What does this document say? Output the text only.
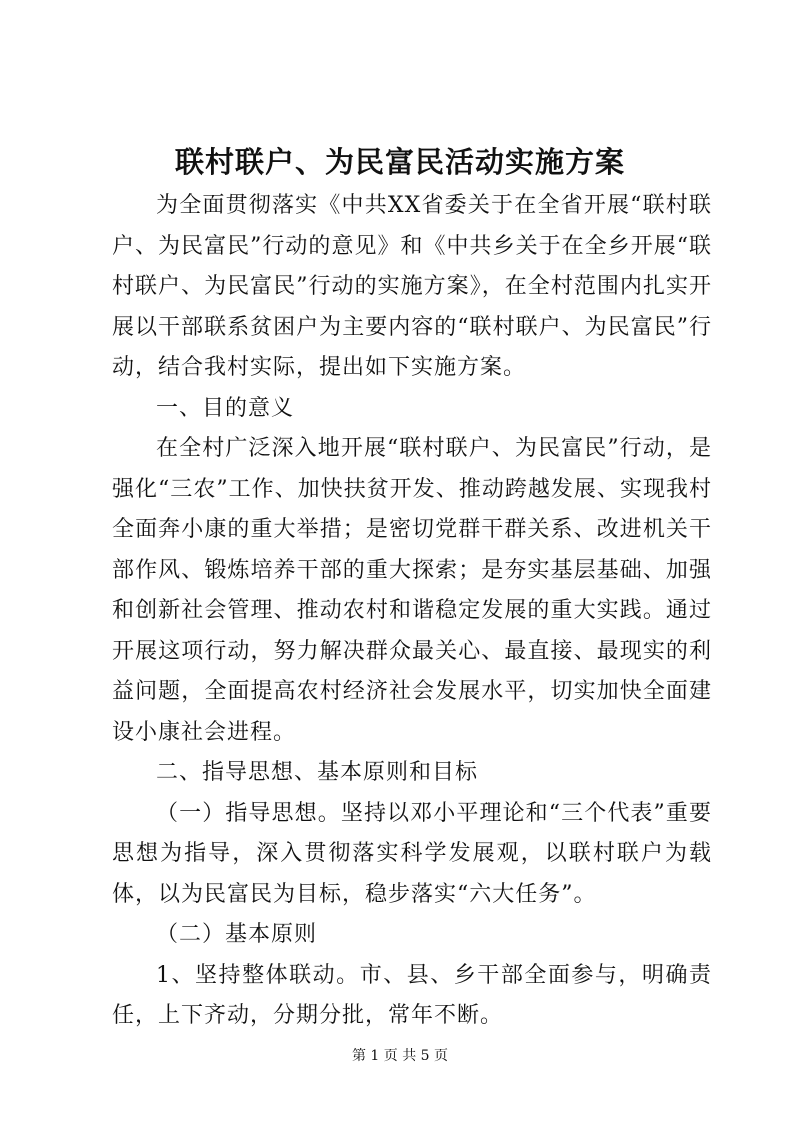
联村联户、为民富民活动实施方案

为全面贯彻落实《中共XX省委关于在全省开展“联村联户、为民富民”行动的意见》和《中共乡关于在全乡开展“联村联户、为民富民”行动的实施方案》，在全村范围内扎实开展以干部联系贫困户为主要内容的“联村联户、为民富民”行动，结合我村实际，提出如下实施方案。

一、目的意义

在全村广泛深入地开展“联村联户、为民富民”行动，是强化“三农”工作、加快扶贫开发、推动跨越发展、实现我村全面奔小康的重大举措；是密切党群干群关系、改进机关干部作风、锻炼培养干部的重大探索；是夯实基层基础、加强和创新社会管理、推动农村和谐稳定发展的重大实践。通过开展这项行动，努力解决群众最关心、最直接、最现实的利益问题，全面提高农村经济社会发展水平，切实加快全面建设小康社会进程。

二、指导思想、基本原则和目标

（一）指导思想。坚持以邓小平理论和“三个代表”重要思想为指导，深入贯彻落实科学发展观，以联村联户为载体，以为民富民为目标，稳步落实“六大任务”。

（二）基本原则

1、坚持整体联动。市、县、乡干部全面参与，明确责任，上下齐动，分期分批，常年不断。

第 1 页 共 5 页
